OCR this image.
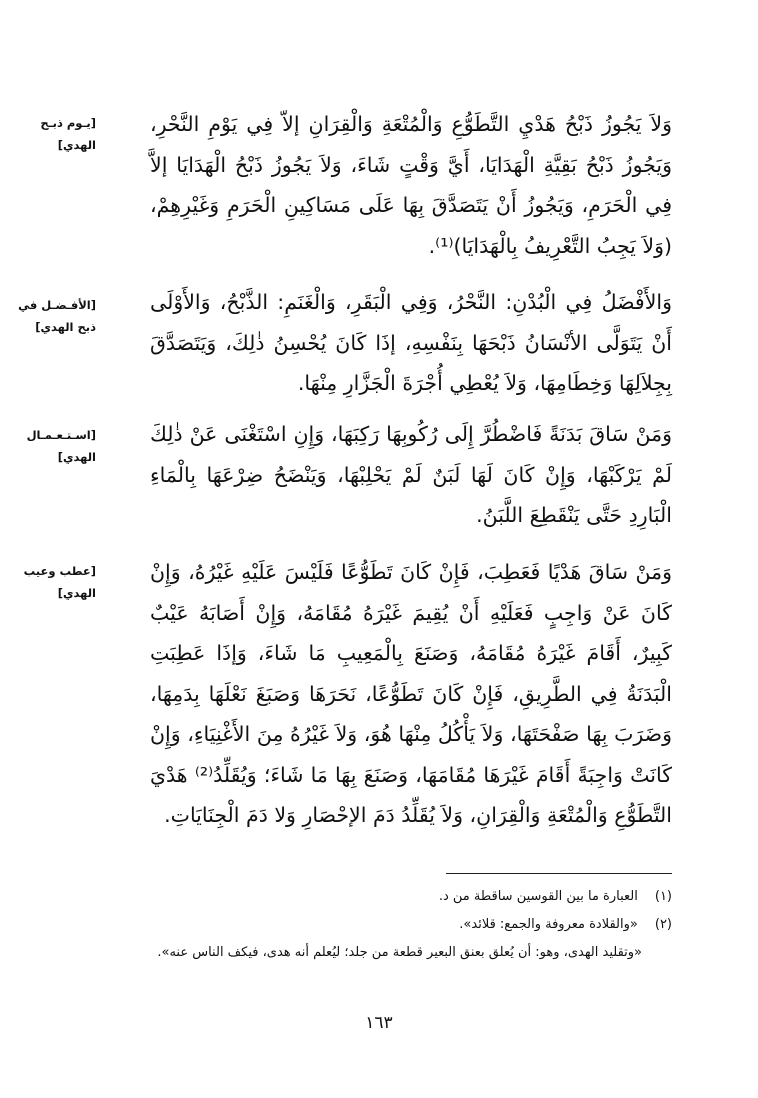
وَلاَ يَجُوزُ ذَبْحُ هَدْيِ التَّطَوُّعِ وَالْمُتْعَةِ وَالْقِرَانِ إلاّ فِي يَوْمِ النَّحْرِ، وَيَجُوزُ ذَبْحُ بَقِيَّةِ الْهَدَايَا، أَيَّ وَقْتٍ شَاءَ، وَلاَ يَجُوزُ ذَبْحُ الْهَدَايَا إلاَّ فِي الْحَرَمِ، وَيَجُوزُ أَنْ يَتَصَدَّقَ بِهَا عَلَى مَسَاكِينِ الْحَرَمِ وَغَيْرِهِمْ، (وَلاَ يَجِبُ التَّعْرِيفُ بِالْهَدَايَا)⁽¹⁾.
[يـوم ذبـح
الهدي]
وَالأَفْضَلُ فِي الْبُدْنِ: النَّحْرُ، وَفِي الْبَقَرِ، وَالْغَنَمِ: الذَّبْحُ، وَالأَوْلَى أَنْ يَتَوَلَّى الأنْسَانُ ذَبْحَهَا بِنَفْسِهِ، إذَا كَانَ يُحْسِنُ ذٰلِكَ، وَيَتَصَدَّقَ بِجِلاَلِهَا وَخِطَامِهَا، وَلاَ يُعْطِي أُجْرَةَ الْجَزَّارِ مِنْهَا.
[الأفـضـل في
ذبح الهدي]
وَمَنْ سَاقَ بَدَنَةً فَاضْطُرَّ إِلَى رُكُوبِهَا رَكِبَهَا، وَإِنِ اسْتَغْنَى عَنْ ذٰلِكَ لَمْ يَرْكَبْهَا، وَإِنْ كَانَ لَهَا لَبَنٌ لَمْ يَحْلِبْهَا، وَيَنْضَحُ ضِرْعَهَا بِالْمَاءِ الْبَارِدِ حَتَّى يَنْقَطِعَ اللَّبَنُ.
[اسـتـعـمـال
الهدي]
وَمَنْ سَاقَ هَدْيًا فَعَطِبَ، فَإِنْ كَانَ تَطَوُّعًا فَلَيْسَ عَلَيْهِ غَيْرُهُ، وَإِنْ كَانَ عَنْ وَاجِبٍ فَعَلَيْهِ أَنْ يُقِيمَ غَيْرَهُ مُقَامَهُ، وَإِنْ أَصَابَهُ عَيْبٌ كَبِيرٌ، أَقَامَ غَيْرَهُ مُقَامَهُ، وَصَنَعَ بِالْمَعِيبِ مَا شَاءَ، وَإذَا عَطِبَتِ الْبَدَنَةُ فِي الطَّرِيقِ، فَإِنْ كَانَ تَطَوُّعًا، نَحَرَهَا وَصَبَغَ نَعْلَهَا بِدَمِهَا، وَضَرَبَ بِهَا صَفْحَتَهَا، وَلاَ يَأْكُلُ مِنْهَا هُوَ، وَلاَ غَيْرُهُ مِنَ الأَغْنِيَاءِ، وَإِنْ كَانَتْ وَاجِبَةً أَقَامَ غَيْرَهَا مُقَامَهَا، وَصَنَعَ بِهَا مَا شَاءَ؛ وَيُقَلِّدُ⁽²⁾ هَدْيَ التَّطَوُّعِ وَالْمُتْعَةِ وَالْقِرَانِ، وَلاَ يُقَلِّدُ دَمَ الإحْصَارِ وَلا دَمَ الْجِنَايَاتِ.
[عطب وعيب
الهدي]
(١) العبارة ما بين القوسين ساقطة من د.
(٢) «والقلادة معروفة والجمع: قلائد».
«وتقليد الهدى، وهو: أن يُعلق بعنق البعير قطعة من جلد؛ ليُعلم أنه هدى، فيكف الناس عنه».
١٦٣
